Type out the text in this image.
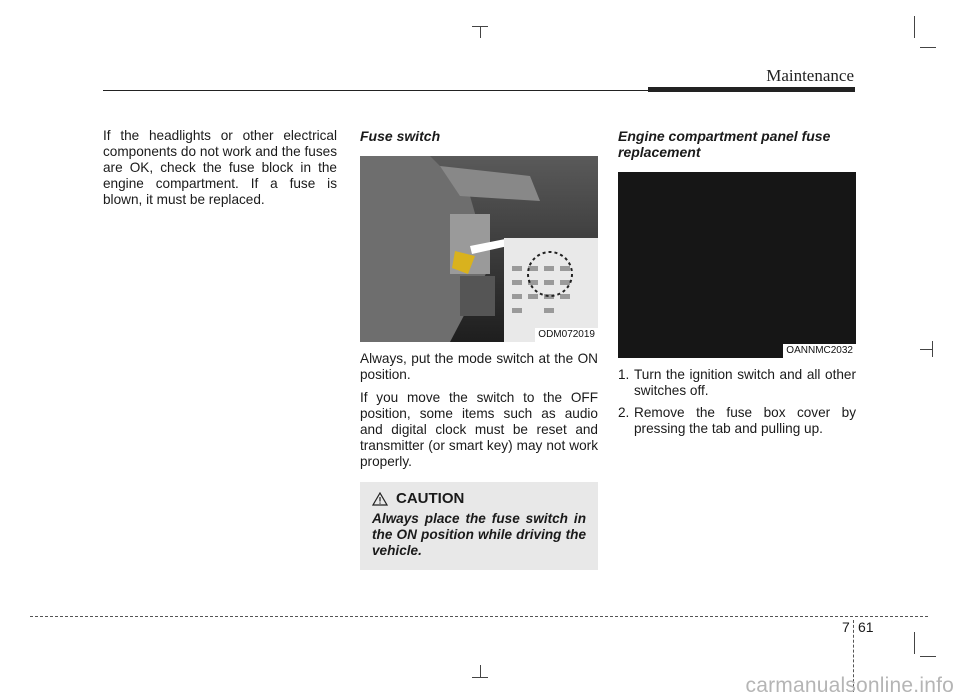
Maintenance

If the headlights or other electrical components do not work and the fuses are OK, check the fuse block in the engine compartment. If a fuse is blown, it must be replaced.

Fuse switch
ODM072019

Always, put the mode switch at the ON position.

If you move the switch to the OFF position, some items such as audio and digital clock must be reset and transmitter (or smart key) may not work properly.

CAUTION
Always place the fuse switch in the ON position while driving the vehicle.
Engine compartment panel fuse replacement
OANNMC2032
1. Turn the ignition switch and all other switches off.
2. Remove the fuse box cover by pressing the tab and pulling up.
7 61
carmanualsonline.info
